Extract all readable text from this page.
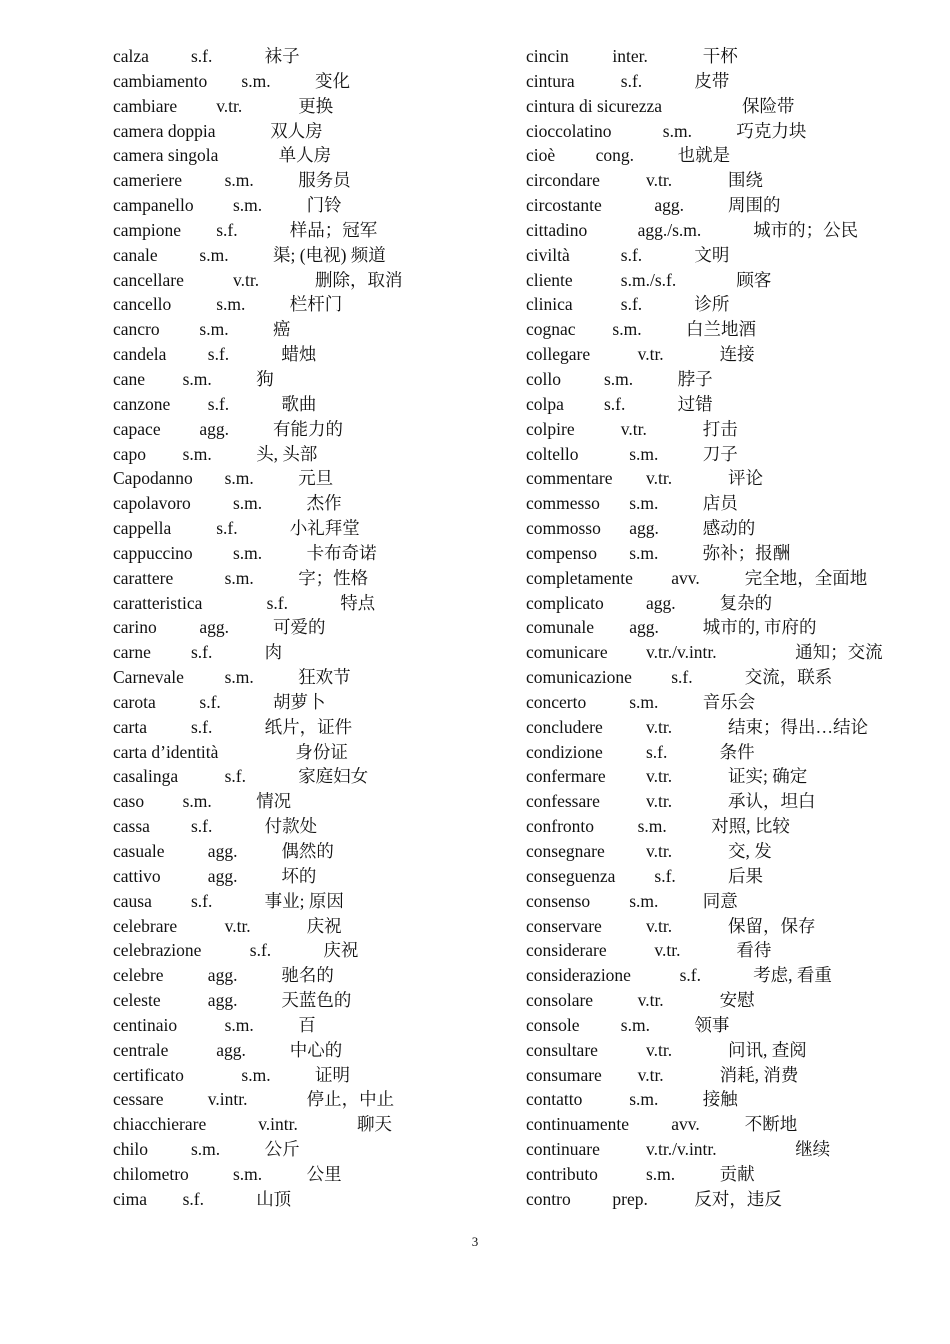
calza s.f.	袜子
cambiamento s.m.	变化
cambiare v.tr.	更换
camera doppia	双人房
camera singola	单人房
cameriere s.m.	服务员
campanello s.m.	门铃
campione s.f.	样品；冠军
canale s.m.	渠; (电视) 频道
cancellare	v.tr.	删除，取消
cancello	s.m.	栏杆门
cancro s.m.	癌
candela s.f.	蜡烛
cane s.m.	狗
canzone s.f.	歌曲
capace agg.	有能力的
capo s.m.	头, 头部
Capodanno s.m.	元旦
capolavoro s.m.	杰作
cappella	s.f.	小礼拜堂
cappuccino s.m.	卡布奇诺
carattere	s.m.	字；性格
caratteristica	s.f.	特点
carino agg.	可爱的
carne s.f.	肉
Carnevale s.m.	狂欢节
carota s.f.	胡萝卜
carta	s.f.	纸片，证件
carta d’identità	身份证
casalinga	s.f.	家庭妇女
caso s.m.	情况
cassa s.f.	付款处
casuale agg.	偶然的
cattivo	agg.	坏的
causa s.f.	事业; 原因
celebrare	v.tr.	庆祝
celebrazione	s.f.	庆祝
celebre	agg.	驰名的
celeste	agg.	天蓝色的
centinaio	s.m.	百
centrale	agg.	中心的
certificato	s.m.	证明
cessare	v.intr.	停止，中止
chiacchierare	v.intr.	聊天
chilo s.m.	公斤
chilometro	s.m.	公里
cima s.f.	山顶
cincin inter.	干杯
cintura	s.f.	皮带
cintura di sicurezza	保险带
cioccolatino	s.m.	巧克力块
cioè cong. 也就是
circondare	v.tr.	围绕
circostante	agg.	周围的
cittadino	agg./s.m.	城市的；公民
civiltà	s.f.	文明
cliente	s.m./s.f.	顾客
clinica	s.f.	诊所
cognac s.m.	白兰地酒
collegare	v.tr.	连接
collo s.m.	脖子
colpa s.f.	过错
colpire	v.tr.	打击
coltello	s.m.	刀子
commentare v.tr.	评论
commesso s.m.	店员
commosso agg.	感动的
compenso s.m.	弥补；报酬
completamente avv.	完全地，全面地
complicato agg.	复杂的
comunale agg.	城市的, 市府的
comunicare v.tr./v.intr.	通知；交流
comunicazione s.f.	交流，联系
concerto s.m.	音乐会
concludere v.tr.	结束；得出…结论
condizione s.f.	条件
confermare v.tr.	证实; 确定
confessare	v.tr.	承认，坦白
confronto s.m.	对照, 比较
consegnare v.tr.	交, 发
conseguenza s.f.	后果
consenso s.m.	同意
conservare	v.tr.	保留，保存
considerare	v.tr.	看待
considerazione	s.f.	考虑, 看重
consolare	v.tr.	安慰
console s.m.	领事
consultare	v.tr.	问讯, 查阅
consumare v.tr.	消耗, 消费
contatto	s.m.	接触
continuamente avv.	不断地
continuare	v.tr./v.intr.	继续
contributo	s.m.	贡献
contro prep.	反对，违反
3
